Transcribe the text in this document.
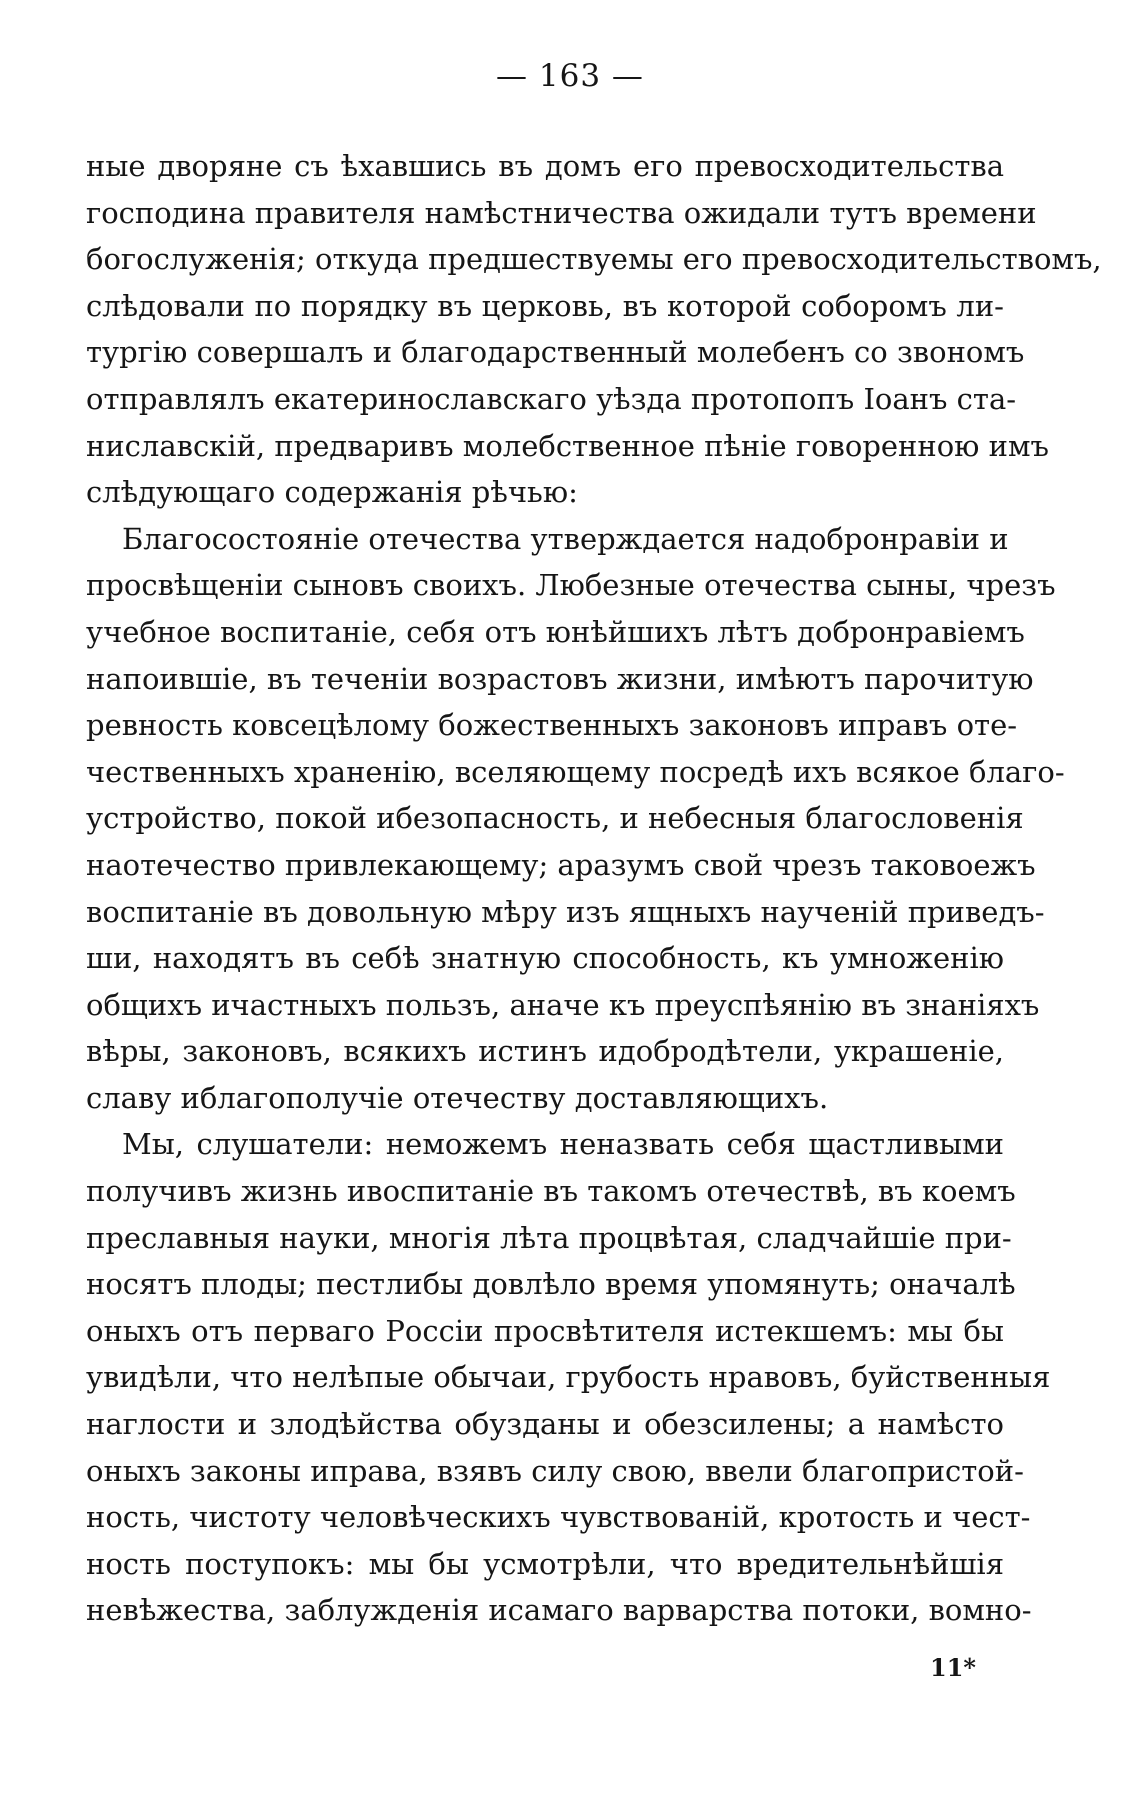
— 163 —

ные дворяне съ ѣхавшись въ домъ его превосходительства
господина правителя намѣстничества ожидали тутъ времени
богослуженія; откуда предшествуемы его превосходительствомъ,
слѣдовали по порядку въ церковь, въ которой соборомъ ли-
тургію совершалъ и благодарственный молебенъ со звономъ
отправлялъ екатеринославскаго уѣзда протопопъ Іоанъ ста-
ниславскій, предваривъ молебственное пѣніе говоренною имъ
слѣдующаго содержанія рѣчью:

Благосостояніе отечества утверждается надобронравіи и
просвѣщеніи сыновъ своихъ. Любезные отечества сыны, чрезъ
учебное воспитаніе, себя отъ юнѣйшихъ лѣтъ добронравіемъ
напоившіе, въ теченіи возрастовъ жизни, имѣютъ парочитую
ревность ковсецѣлому божественныхъ законовъ иправъ оте-
чественныхъ храненію, вселяющему посредѣ ихъ всякое благо-
устройство, покой ибезопасность, и небесныя благословенія
наотечество привлекающему; аразумъ свой чрезъ таковоежъ
воспитаніе въ довольную мѣру изъ ящныхъ наученій приведъ-
ши, находятъ въ себѣ знатную способность, къ умноженію
общихъ ичастныхъ пользъ, аначе къ преуспѣянію въ знаніяхъ
вѣры, законовъ, всякихъ истинъ идобродѣтели, украшеніе,
славу иблагополучіе отечеству доставляющихъ.

Мы, слушатели: неможемъ неназвать себя щастливыми
получивъ жизнь ивоспитаніе въ такомъ отечествѣ, въ коемъ
преславныя науки, многія лѣта процвѣтая, сладчайшіе при-
носятъ плоды; пестлибы довлѣло время упомянуть; оначалѣ
оныхъ отъ перваго Россіи просвѣтителя истекшемъ: мы бы
увидѣли, что нелѣпые обычаи, грубость нравовъ, буйственныя
наглости и злодѣйства обузданы и обезсилены; а намѣсто
оныхъ законы иправа, взявъ силу свою, ввели благопристой-
ность, чистоту человѣческихъ чувствованій, кротость и чест-
ность поступокъ: мы бы усмотрѣли, что вредительнѣйшія
невѣжества, заблужденія исамаго варварства потоки, вомно-

11*
